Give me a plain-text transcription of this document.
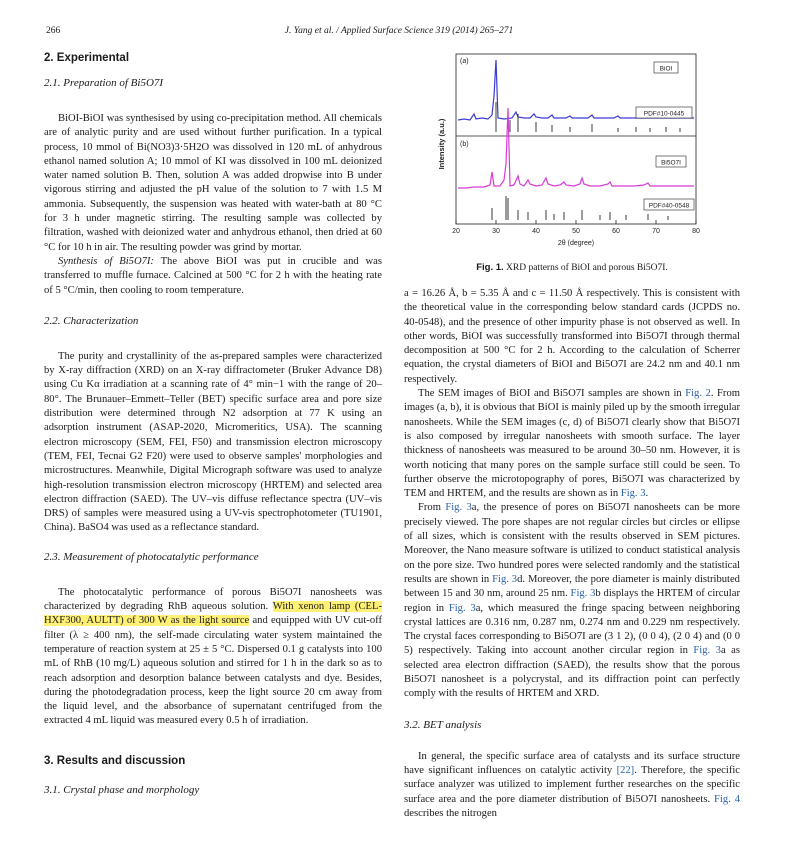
266	J. Yang et al. / Applied Surface Science 319 (2014) 265–271
2. Experimental
2.1. Preparation of Bi5O7I

BiOI-BiOI was synthesised by using co-precipitation method. All chemicals are of analytic purity and are used without further purification. In a typical process, 10 mmol of Bi(NO3)3·5H2O was dissolved in 120 mL of anhydrous ethanol named solution A; 10 mmol of KI was dissolved in 100 mL deionized water named solution B. Then, solution A was added dropwise into B under vigorous stirring and adjusted the pH value of the solution to 7 with 1.5 M ammonia. Subsequently, the suspension was heated with water-bath at 80 °C for 3 h under magnetic stirring. The resulting sample was collected by filtration, washed with deionized water and anhydrous ethanol, then dried at 60 °C for 10 h in air. The resulting powder was grind by mortar.

Synthesis of Bi5O7I: The above BiOI was put in crucible and was transferred to muffle furnace. Calcined at 500 °C for 2 h with the heating rate of 5 °C/min, then cooling to room temperature.

2.2. Characterization

The purity and crystallinity of the as-prepared samples were characterized by X-ray diffraction (XRD) on an X-ray diffractometer (Bruker Advance D8) using Cu Kα irradiation at a scanning rate of 4° min−1 with the range of 20–80°. The Brunauer–Emmett–Teller (BET) specific surface area and pore size distribution were determined through N2 adsorption at 77 K using an adsorption instrument (ASAP-2020, Micromeritics, USA). The scanning electron microscopy (SEM, FEI, F50) and transmission electron microscopy (TEM, FEI, Tecnai G2 F20) were used to observe samples' morphologies and microstructures. Meanwhile, Digital Micrograph software was used to analyze high-resolution transmission electron microscopy (HRTEM) and selected area electron diffraction (SAED). The UV–vis diffuse reflectance spectra (UV–vis DRS) of samples were measured using a UV-vis spectrophotometer (TU1901, China). BaSO4 was used as a reflectance standard.

2.3. Measurement of photocatalytic performance

The photocatalytic performance of porous Bi5O7I nanosheets was characterized by degrading RhB aqueous solution. With xenon lamp (CEL-HXF300, AULTT) of 300 W as the light source and equipped with UV cut-off filter (λ ≥ 400 nm), the self-made circulating water system maintained the temperature of reaction system at 25 ± 5 °C. Dispersed 0.1 g catalysts into 100 mL of RhB (10 mg/L) aqueous solution and stirred for 1 h in the dark so as to reach adsorption and desorption balance between catalysts and dye. Besides, during the photodegradation process, keep the light source 20 cm away from the liquid level, and the absorbance of supernatant centrifuged from the extracted 4 mL liquid was measured every 0.5 h of irradiation.

3. Results and discussion
3.1. Crystal phase and morphology
20	30	40	50	60	70	80
2θ (degree)
Intensity (a.u.)
(a)
(b)
BiOI
PDF#10-0445
Bi5O7I
PDF#40-0548
Fig. 1. XRD patterns of BiOI and porous Bi5O7I.

a = 16.26 Å, b = 5.35 Å and c = 11.50 Å respectively. This is consistent with the theoretical value in the corresponding below standard cards (JCPDS no. 40-0548), and the presence of other impurity phase is not observed as well. In other words, BiOI was successfully transformed into Bi5O7I through thermal decomposition at 500 °C for 2 h. According to the calculation of Scherrer equation, the crystal diameters of BiOI and Bi5O7I are 24.2 nm and 40.1 nm respectively.

The SEM images of BiOI and Bi5O7I samples are shown in Fig. 2. From images (a, b), it is obvious that BiOI is mainly piled up by the smooth irregular nanosheets. While the SEM images (c, d) of Bi5O7I clearly show that Bi5O7I is also composed by irregular nanosheets with smooth surface. The layer thickness of nanosheets was measured to be around 30–50 nm. However, it is worth noticing that many pores on the sample surface still could be seen. To further observe the microtopography of pores, Bi5O7I was characterized by TEM and HRTEM, and the results are shown as in Fig. 3.

From Fig. 3a, the presence of pores on Bi5O7I nanosheets can be more precisely viewed. The pore shapes are not regular circles but circles or ellipse of all sizes, which is consistent with the results observed in SEM pictures. Moreover, the Nano measure software is utilized to conduct statistical analysis on the pore size. Two hundred pores were selected randomly and the statistical results are shown in Fig. 3d. Moreover, the pore diameter is mainly distributed between 15 and 30 nm, around 25 nm. Fig. 3b displays the HRTEM of circular region in Fig. 3a, which measured the fringe spacing between neighboring crystal lattices are 0.316 nm, 0.287 nm, 0.274 nm and 0.229 nm respectively. The crystal faces corresponding to Bi5O7I are (3 1 2), (0 0 4), (2 0 4) and (0 0 5) respectively. Taking into account another circular region in Fig. 3a as selected area electron diffraction (SAED), the results show that the porous Bi5O7I nanosheet is a polycrystal, and its diffraction point can perfectly comply with the results of HRTEM and XRD.

3.2. BET analysis

In general, the specific surface area of catalysts and its surface structure have significant influences on catalytic activity [22]. Therefore, the specific surface analyzer was utilized to implement further researches on the specific surface area and the pore diameter distribution of Bi5O7I nanosheets. Fig. 4 describes the nitrogen
